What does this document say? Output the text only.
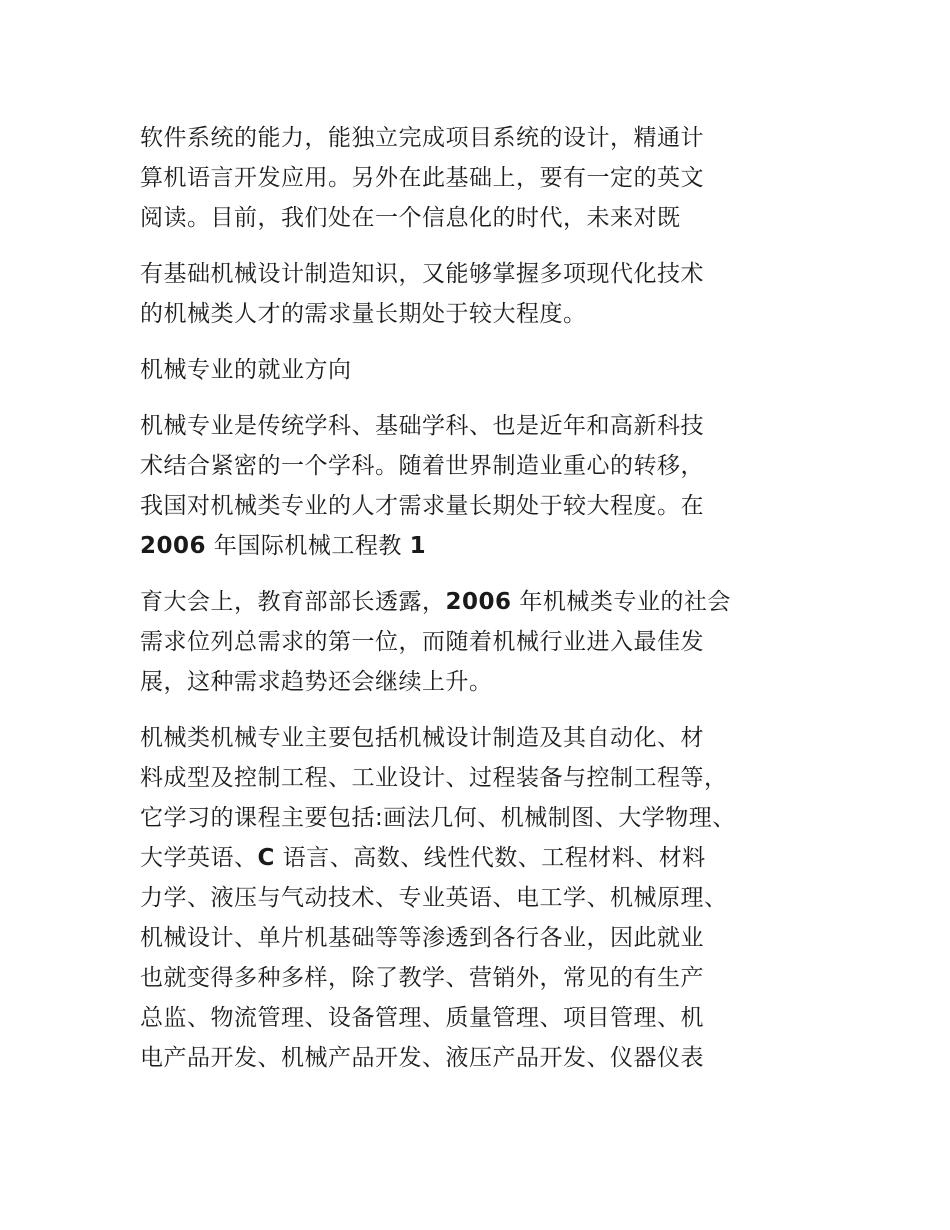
软件系统的能力，能独立完成项目系统的设计，精通计
算机语言开发应用。另外在此基础上，要有一定的英文
阅读。目前，我们处在一个信息化的时代，未来对既
有基础机械设计制造知识，又能够掌握多项现代化技术
的机械类人才的需求量长期处于较大程度。
机械专业的就业方向
机械专业是传统学科、基础学科、也是近年和高新科技
术结合紧密的一个学科。随着世界制造业重心的转移，
我国对机械类专业的人才需求量长期处于较大程度。在
2006 年国际机械工程教 1
育大会上，教育部部长透露，2006 年机械类专业的社会
需求位列总需求的第一位，而随着机械行业进入最佳发
展，这种需求趋势还会继续上升。
机械类机械专业主要包括机械设计制造及其自动化、材
料成型及控制工程、工业设计、过程装备与控制工程等，
它学习的课程主要包括:画法几何、机械制图、大学物理、
大学英语、C 语言、高数、线性代数、工程材料、材料
力学、液压与气动技术、专业英语、电工学、机械原理、
机械设计、单片机基础等等渗透到各行各业，因此就业
也就变得多种多样，除了教学、营销外，常见的有生产
总监、物流管理、设备管理、质量管理、项目管理、机
电产品开发、机械产品开发、液压产品开发、仪器仪表
